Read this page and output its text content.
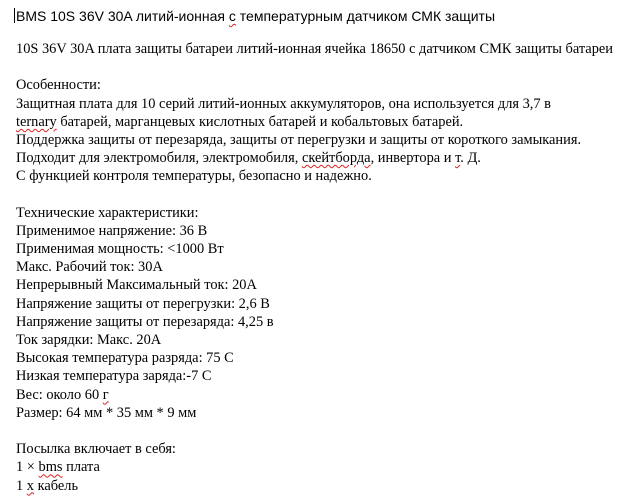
BMS 10S 36V 30A литий-ионная с температурным датчиком СМК защиты
10S 36V 30A плата защиты батареи литий-ионная ячейка 18650 с датчиком СМК защиты батареи
Особенности:
Защитная плата для 10 серий литий-ионных аккумуляторов, она используется для 3,7 в
ternary батарей, марганцевых кислотных батарей и кобальтовых батарей.
Поддержка защиты от перезаряда, защиты от перегрузки и защиты от короткого замыкания.
Подходит для электромобиля, электромобиля, скейтборда, инвертора и т. Д.
С функцией контроля температуры, безопасно и надежно.
Технические характеристики:
Применимое напряжение: 36 В
Применимая мощность: <1000 Вт
Макс. Рабочий ток: 30A
Непрерывный Максимальный ток: 20A
Напряжение защиты от перегрузки: 2,6 В
Напряжение защиты от перезаряда: 4,25 в
Ток зарядки: Макс. 20A
Высокая температура разряда: 75 C
Низкая температура заряда:-7 C
Вес: около 60 г
Размер: 64 мм * 35 мм * 9 мм
Посылка включает в себя:
1 × bms плата
1 x кабель
